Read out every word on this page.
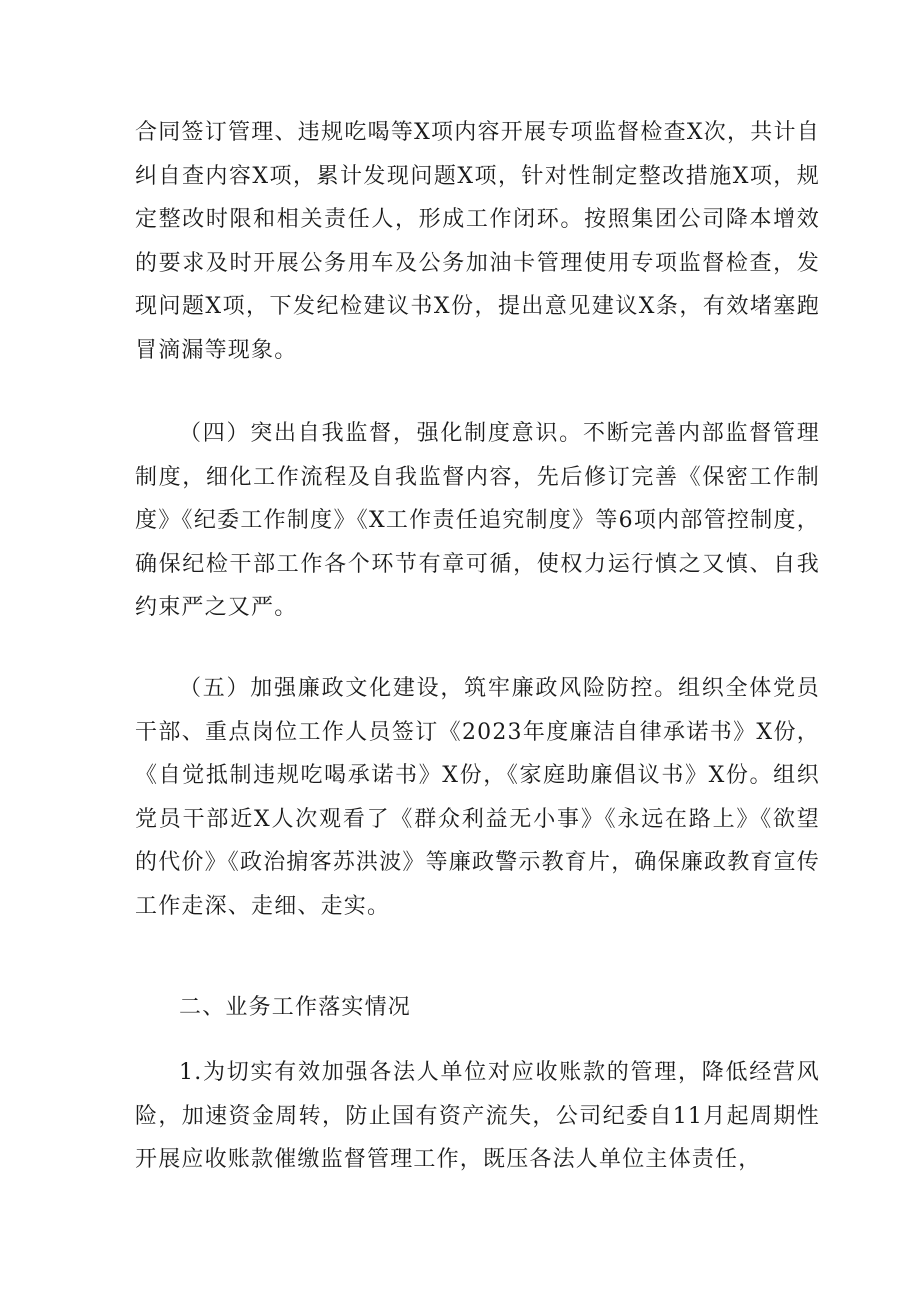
合同签订管理、违规吃喝等X项内容开展专项监督检查X次，共计自纠自查内容X项，累计发现问题X项，针对性制定整改措施X项，规定整改时限和相关责任人，形成工作闭环。按照集团公司降本增效的要求及时开展公务用车及公务加油卡管理使用专项监督检查，发现问题X项，下发纪检建议书X份，提出意见建议X条，有效堵塞跑冒滴漏等现象。

（四）突出自我监督，强化制度意识。不断完善内部监督管理制度，细化工作流程及自我监督内容，先后修订完善《保密工作制度》《纪委工作制度》《X工作责任追究制度》等6项内部管控制度，确保纪检干部工作各个环节有章可循，使权力运行慎之又慎、自我约束严之又严。

（五）加强廉政文化建设，筑牢廉政风险防控。组织全体党员干部、重点岗位工作人员签订《2023年度廉洁自律承诺书》X份，《自觉抵制违规吃喝承诺书》X份，《家庭助廉倡议书》X份。组织党员干部近X人次观看了《群众利益无小事》《永远在路上》《欲望的代价》《政治掮客苏洪波》等廉政警示教育片，确保廉政教育宣传工作走深、走细、走实。

二、业务工作落实情况

1.为切实有效加强各法人单位对应收账款的管理，降低经营风险，加速资金周转，防止国有资产流失，公司纪委自11月起周期性开展应收账款催缴监督管理工作，既压各法人单位主体责任，
